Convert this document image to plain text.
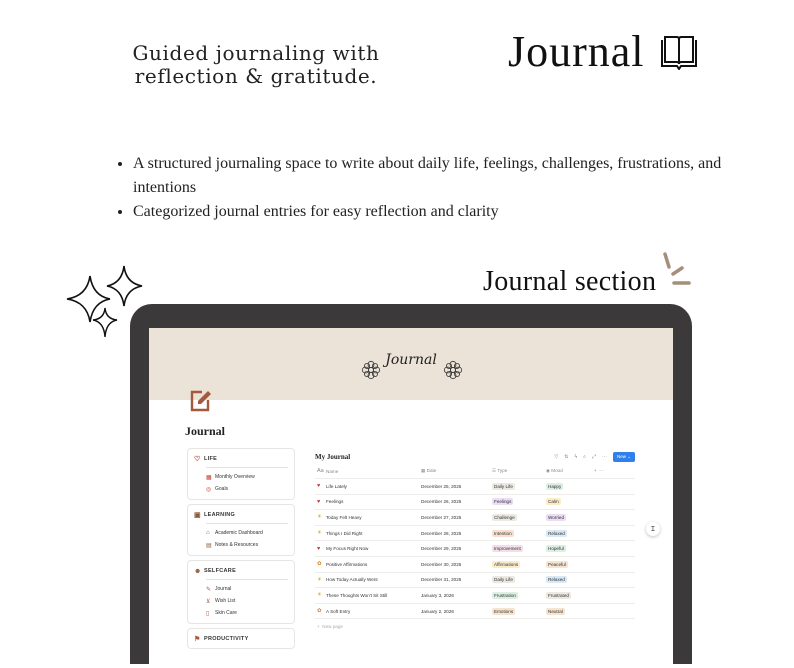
Guided journaling with reflection & gratitude.
Journal
• A structured journaling space to write about daily life, feelings, challenges, frustrations, and intentions
• Categorized journal entries for easy reflection and clarity
Journal section
Journal
Journal
♡ LIFE
▦ Monthly Overview
◎ Goals
▣ LEARNING
⌂	Academic Dashboard
▤ Notes & Resources
☻ SELFCARE
✎ Journal
⊻ Wish List
▯	Skin Care
⚑ PRODUCTIVITY
My Journal	▽ ⇅ ϟ ⌕ ⤢ ⋯	New ⌄
Aa Name	▦ Date	☰ Type	◉ Mood	+  ⋯
♥	Life Lately	December 25, 2025	Daily Life	Happy
♥	Feelings	December 26, 2025	Feelings	Calm
☀ Today Felt Heavy	December 27, 2025	Challenge	Worried
☀ Things I Did Right	December 28, 2025	Intention	Relaxed
♥	My Focus Right Now	December 29, 2025	Improvement	Hopeful
✿ Positive Affirmations	December 30, 2025	Affirmations	Peaceful
☀ How Today Actually Went	December 31, 2025	Daily Life	Relaxed
☀ These Thoughts Won't Sit Still	January 3, 2026	Frustration	Frustrated
✿ A Soft Entry	January 2, 2026	Emotions	Neutral
+ New page
Ɪ
